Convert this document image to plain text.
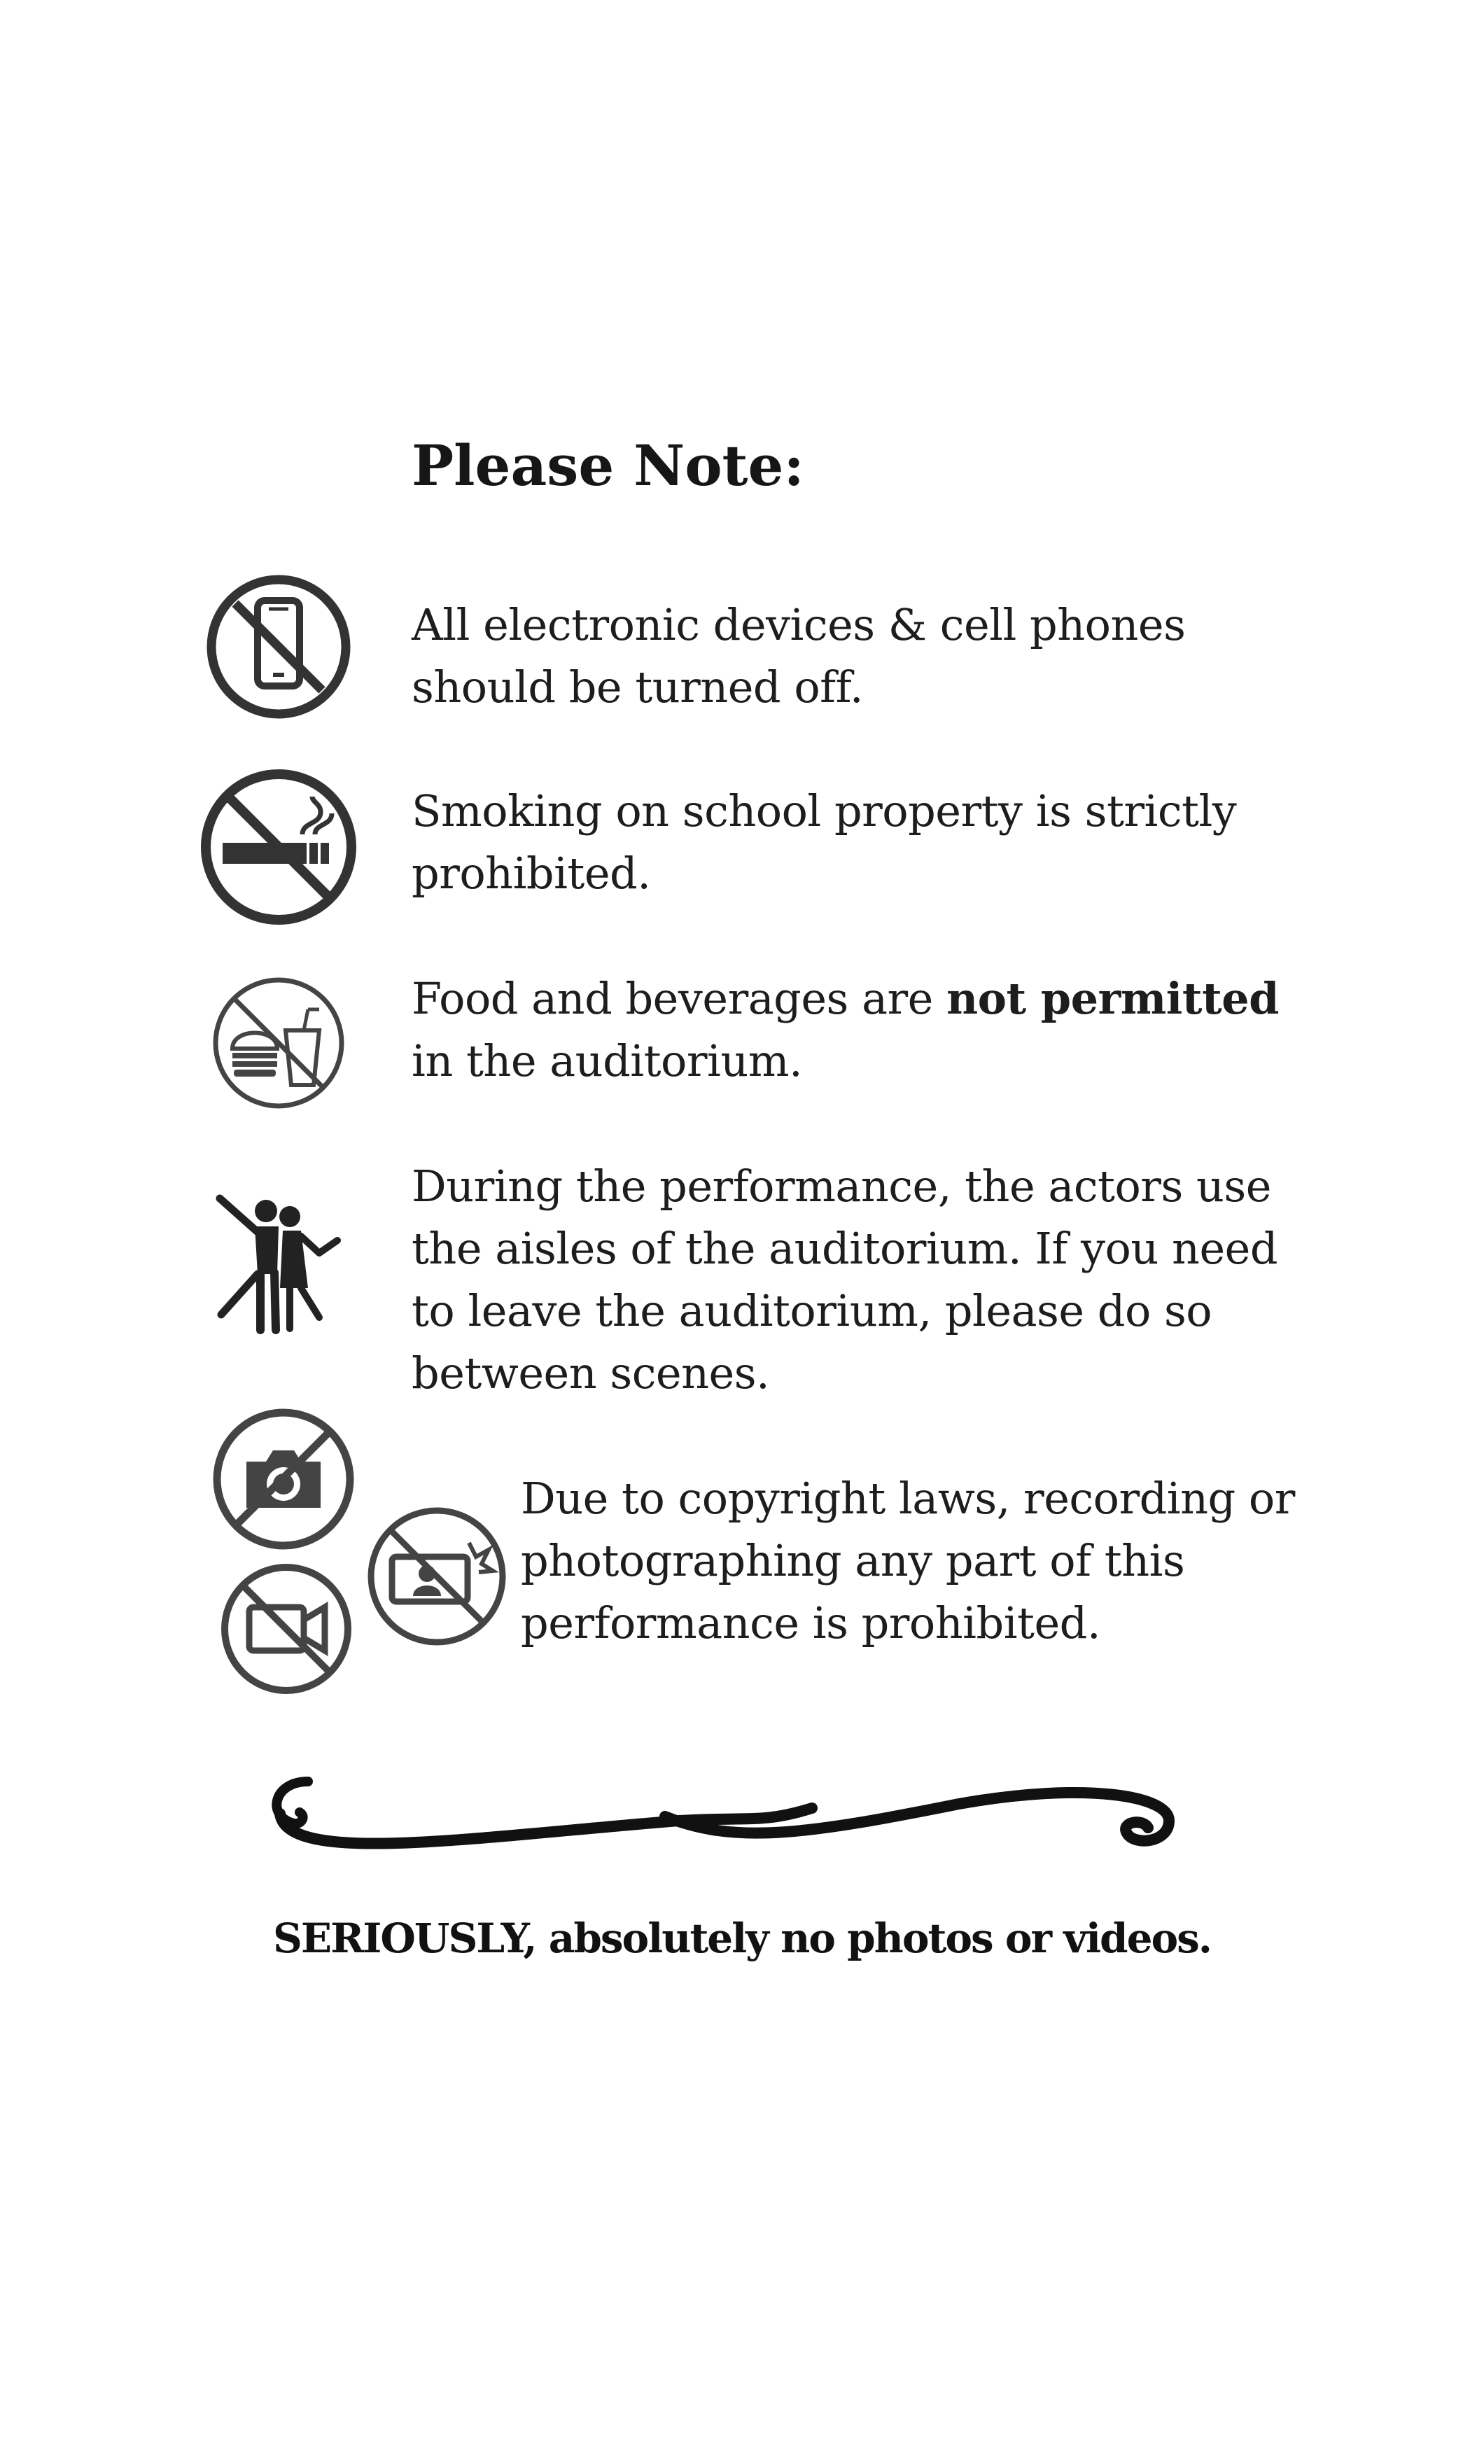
Please Note:
All electronic devices & cell phones
should be turned off.
Smoking on school property is strictly
prohibited.
Food and beverages are not permitted
in the auditorium.
During the performance, the actors use
the aisles of the auditorium. If you need
to leave the auditorium, please do so
between scenes.
Due to copyright laws, recording or
photographing any part of this
performance is prohibited.
SERIOUSLY, absolutely no photos or videos.
